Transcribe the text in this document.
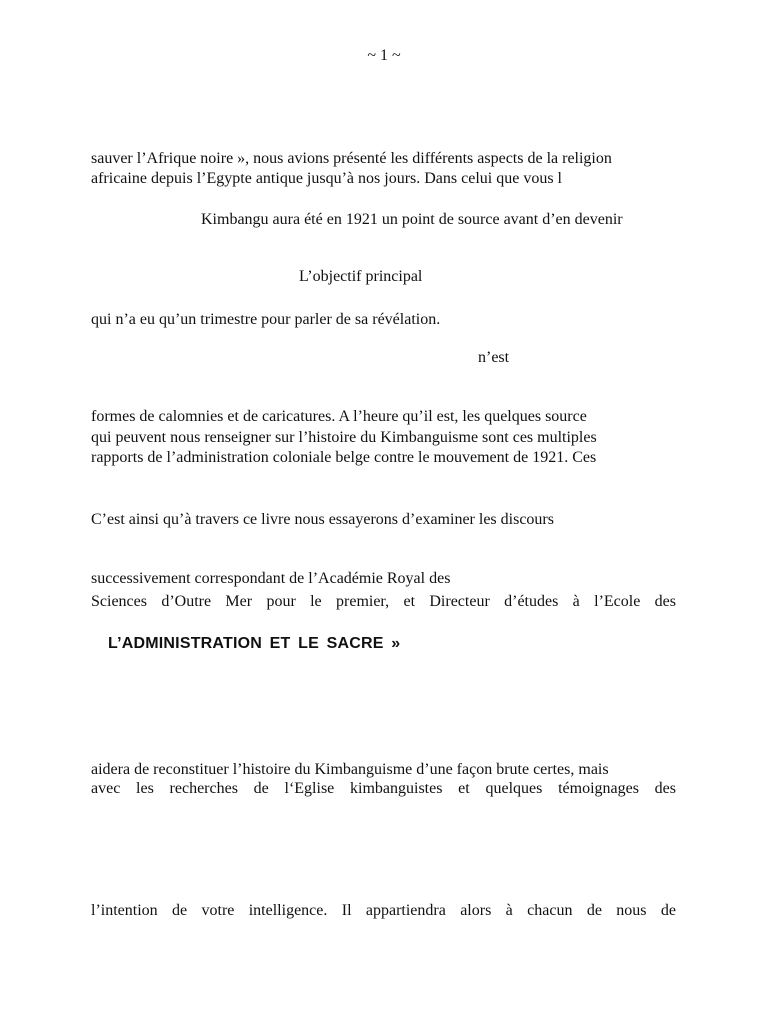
~ 1 ~
sauver l’Afrique noire », nous avions présenté les différents aspects de la religion
africaine depuis l’Egypte antique jusqu’à nos jours. Dans celui que vous l
Kimbangu aura été en 1921 un point de source avant d’en devenir
L’objectif principal
qui n’a eu qu’un trimestre pour parler de sa révélation.
n’est
formes de calomnies et de caricatures. A l’heure qu’il est, les quelques source
qui peuvent nous renseigner sur l’histoire du Kimbanguisme sont ces multiples
rapports de l’administration coloniale belge contre le mouvement de 1921. Ces
C’est ainsi qu’à travers ce livre nous essayerons d’examiner les discours
successivement correspondant de l’Académie Royal des
Sciences d’Outre Mer pour le premier, et Directeur d’études à l’Ecole des
L’ADMINISTRATION ET LE SACRE »
aidera de reconstituer l’histoire du Kimbanguisme d’une façon brute certes, mais
avec les recherches de l‘Eglise kimbanguistes et quelques témoignages des
l’intention de votre intelligence. Il appartiendra alors à chacun de nous de
